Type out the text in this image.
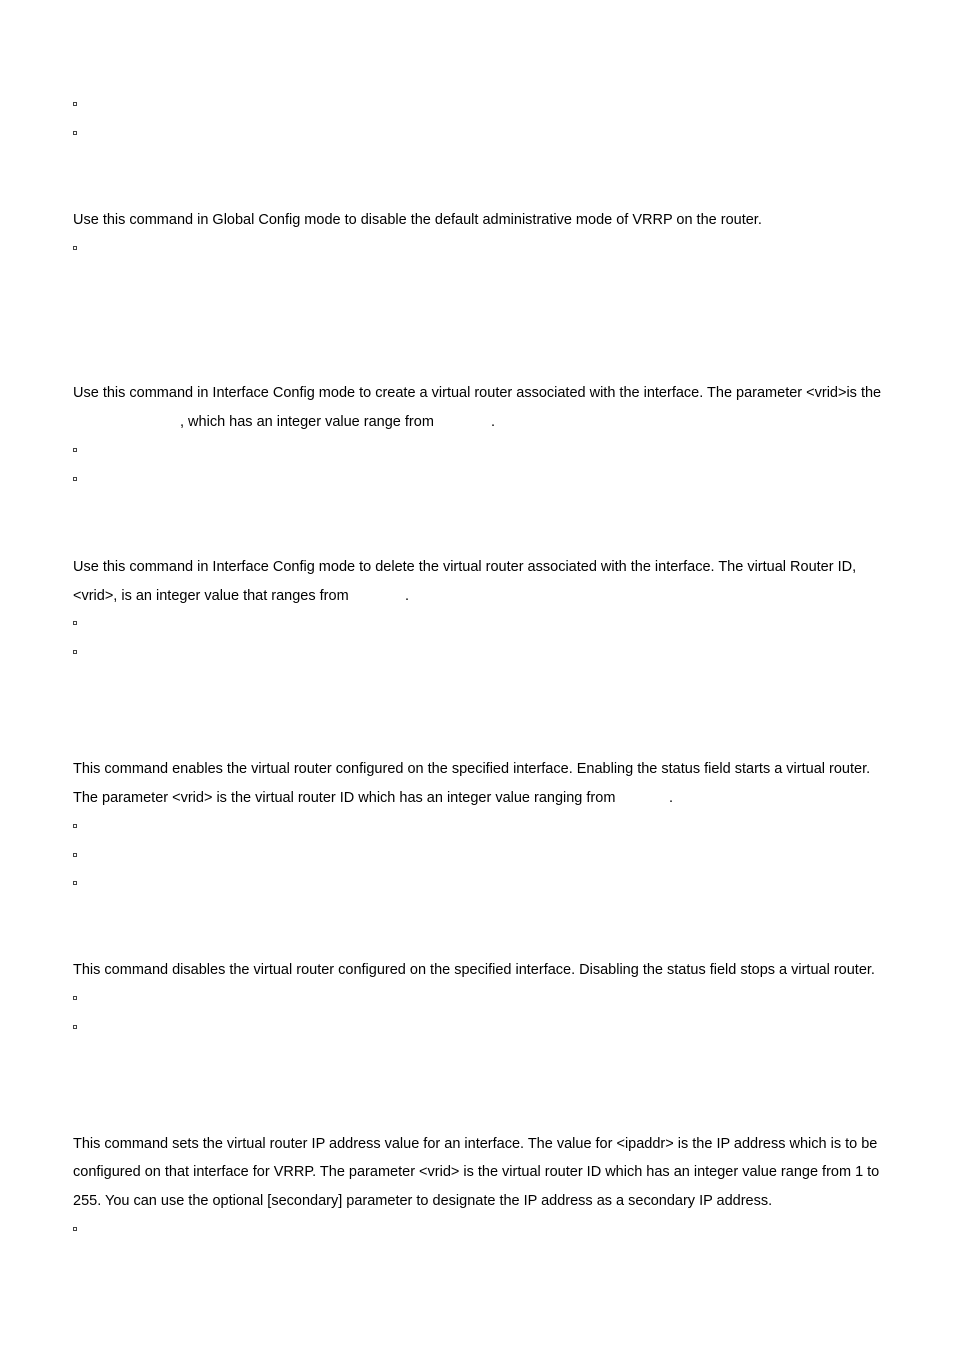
Use this command in Global Config mode to disable the default administrative mode of VRRP on the router.
Use this command in Interface Config mode to create a virtual router associated with the interface. The parameter <vrid>is the
, which has an integer value range from	.
Use this command in Interface Config mode to delete the virtual router associated with the interface. The virtual Router ID,
<vrid>, is an integer value that ranges from	.
This command enables the virtual router configured on the specified interface. Enabling the status field starts a virtual router.
The parameter <vrid> is the virtual router ID which has an integer value ranging from	.
This command disables the virtual router configured on the specified interface. Disabling the status field stops a virtual router.
This command sets the virtual router IP address value for an interface. The value for <ipaddr> is the IP address which is to be
configured on that interface for VRRP. The parameter <vrid> is the virtual router ID which has an integer value range from 1 to
255. You can use the optional [secondary] parameter to designate the IP address as a secondary IP address.
